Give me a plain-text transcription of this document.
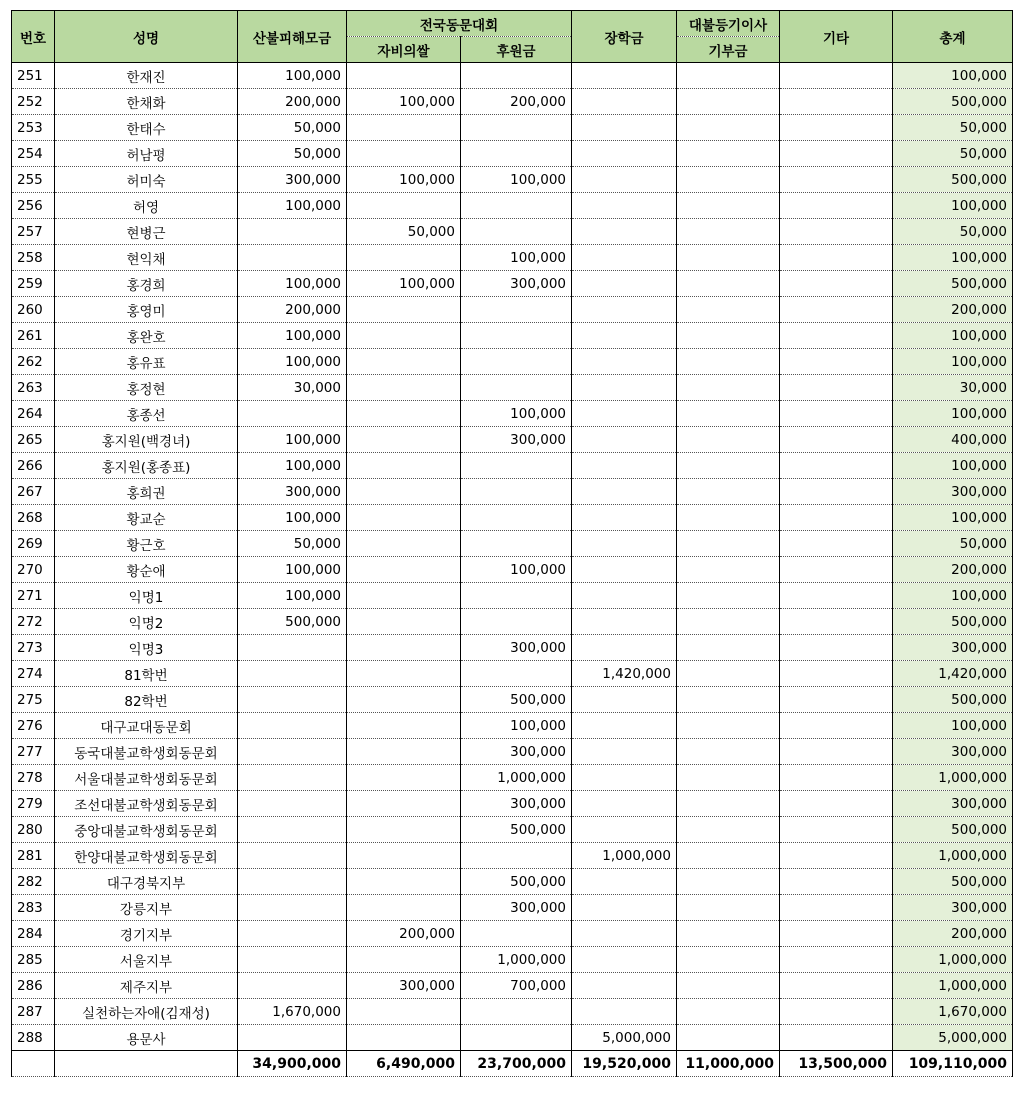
번호	성명	산불피해모금	전국동문대회		장학금	대불등기이사	기타	총계
			자비의쌀	후원금		기부금		
251	한재진	100,000						100,000
252	한채화	200,000	100,000	200,000				500,000
253	한태수	50,000						50,000
254	허남평	50,000						50,000
255	허미숙	300,000	100,000	100,000				500,000
256	허영	100,000						100,000
257	현병근		50,000					50,000
258	현익채			100,000				100,000
259	홍경희	100,000	100,000	300,000				500,000
260	홍영미	200,000						200,000
261	홍완호	100,000						100,000
262	홍유표	100,000						100,000
263	홍정현	30,000						30,000
264	홍종선			100,000				100,000
265	홍지원(백경녀)	100,000		300,000				400,000
266	홍지원(홍종표)	100,000						100,000
267	홍희권	300,000						300,000
268	황교순	100,000						100,000
269	황근호	50,000						50,000
270	황순애	100,000		100,000				200,000
271	익명1	100,000						100,000
272	익명2	500,000						500,000
273	익명3			300,000				300,000
274	81학번				1,420,000			1,420,000
275	82학번			500,000				500,000
276	대구교대동문회			100,000				100,000
277	동국대불교학생회동문회			300,000				300,000
278	서울대불교학생회동문회			1,000,000				1,000,000
279	조선대불교학생회동문회			300,000				300,000
280	중앙대불교학생회동문회			500,000				500,000
281	한양대불교학생회동문회				1,000,000			1,000,000
282	대구경북지부			500,000				500,000
283	강릉지부			300,000				300,000
284	경기지부		200,000					200,000
285	서울지부			1,000,000				1,000,000
286	제주지부		300,000	700,000				1,000,000
287	실천하는자애(김재성)	1,670,000						1,670,000
288	용문사				5,000,000			5,000,000
		34,900,000	6,490,000	23,700,000	19,520,000	11,000,000	13,500,000	109,110,000
